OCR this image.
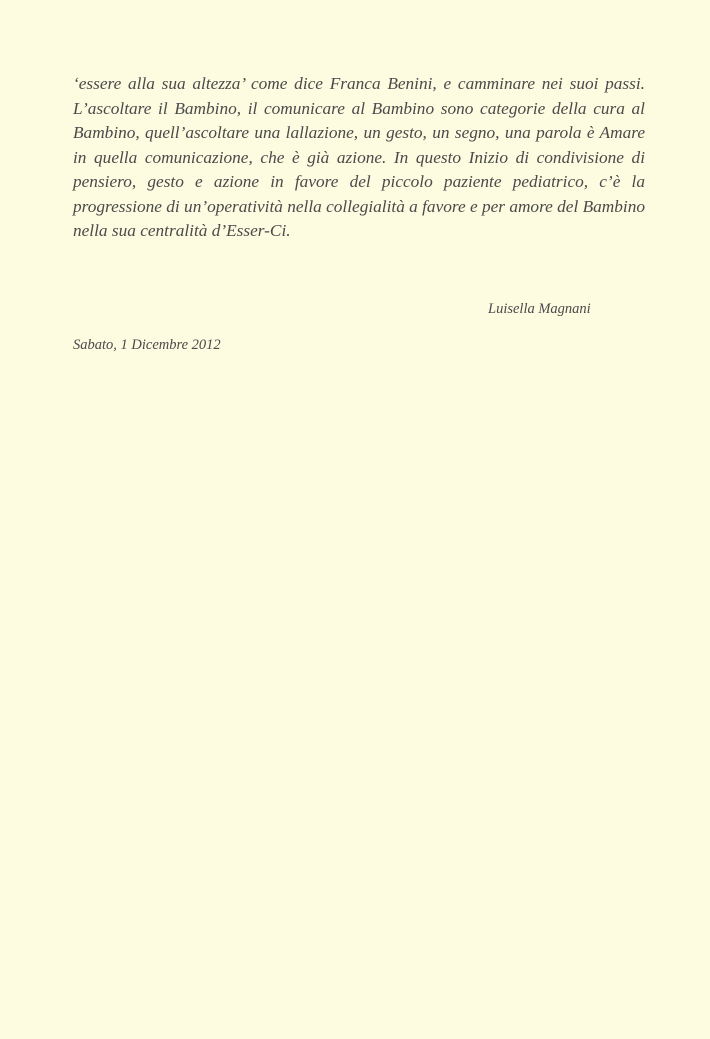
‘essere alla sua altezza’ come dice Franca Benini, e camminare nei suoi passi.
L’ascoltare il Bambino, il comunicare al Bambino sono categorie della cura al
Bambino, quell’ascoltare una lallazione, un gesto, un segno, una parola è Amare
in quella comunicazione, che è già azione. In questo Inizio di condivisione di
pensiero, gesto e azione in favore del piccolo paziente pediatrico, c’è la
progressione di un’operatività nella collegialità a favore e per amore del Bambino
nella sua centralità d’Esser-Ci.

Luisella Magnani

Sabato, 1 Dicembre 2012
